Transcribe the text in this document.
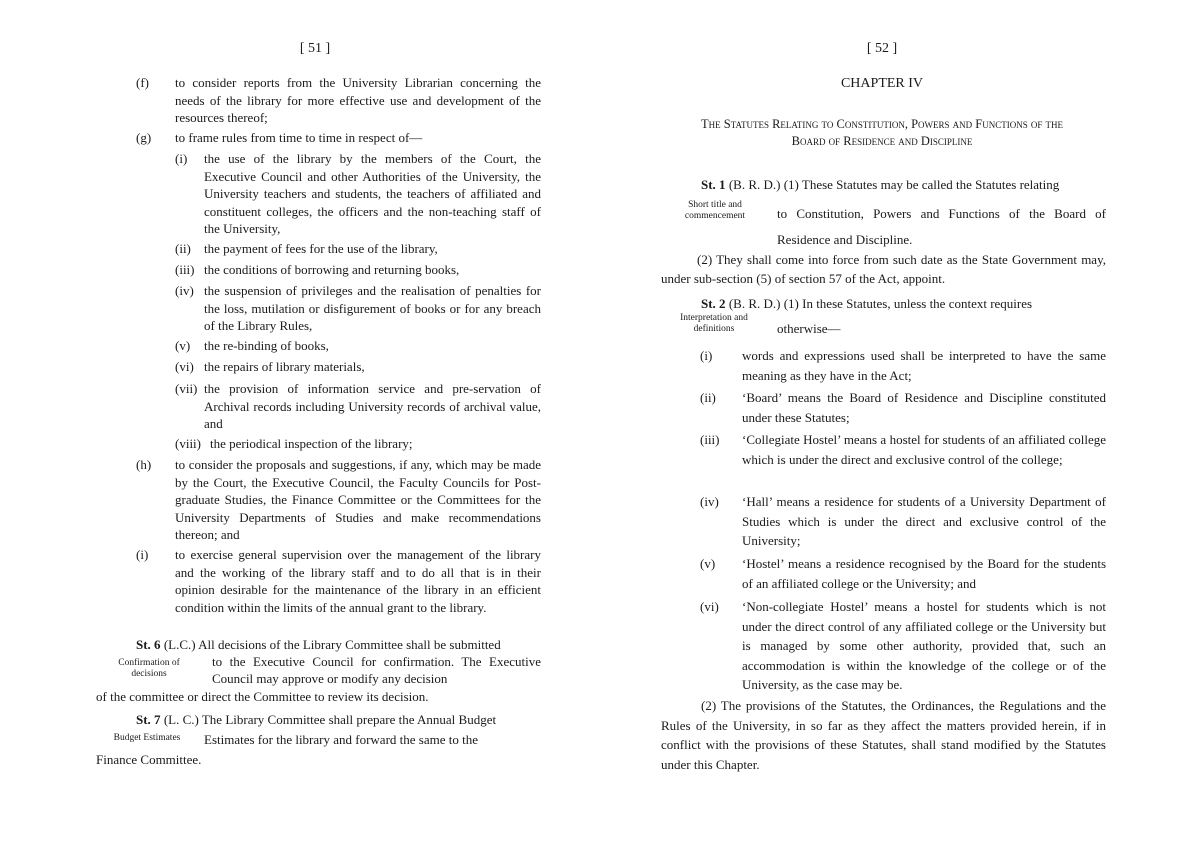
[ 51 ]
(f)	to consider reports from the University Librarian concerning the needs of the library for more effective use and development of the resources thereof;
(g)	to frame rules from time to time in respect of—
(i)	the use of the library by the members of the Court, the Executive Council and other Authorities of the University, the University teachers and students, the teachers of affiliated and constituent colleges, the officers and the non-teaching staff of the University,
(ii)	the payment of fees for the use of the library,
(iii) the conditions of borrowing and returning books,
(iv) the suspension of privileges and the realisation of penalties for the loss, mutilation or disfigurement of books or for any breach of the Library Rules,
(v)	the re-binding of books,
(vi) the repairs of library materials,
(vii) the provision of information service and pre-servation of Archival records including University records of archival value, and
(viii) the periodical inspection of the library;
(h)	to consider the proposals and suggestions, if any, which may be made by the Court, the Executive Council, the Faculty Councils for Post-graduate Studies, the Finance Committee or the Committees for the University Departments of Studies and make recommendations thereon; and
(i)	to exercise general supervision over the management of the library and the working of the library staff and to do all that is in their opinion desirable for the maintenance of the library in an efficient condition within the limits of the annual grant to the library.
St. 6 (L.C.) All decisions of the Library Committee shall be submitted
Confirmation of decisions
to the Executive Council for confirmation. The Executive Council may approve or modify any decision
of the committee or direct the Committee to review its decision.
St. 7 (L. C.) The Library Committee shall prepare the Annual Budget
Budget Estimates	Estimates for the library and forward the same to the
Finance Committee.
[ 52 ]
CHAPTER IV
The Statutes Relating to Constitution, Powers and Functions of the
Board of Residence and Discipline
St. 1 (B. R. D.) (1) These Statutes may be called the Statutes relating
Short title and commencement	to Constitution, Powers and Functions of the Board of Residence and Discipline.
(2) They shall come into force from such date as the State Government may, under sub-section (5) of section 57 of the Act, appoint.
St. 2 (B. R. D.) (1) In these Statutes, unless the context requires
Interpretation and definitions	otherwise—
(i)	words and expressions used shall be interpreted to have the same meaning as they have in the Act;
(ii)	‘Board’ means the Board of Residence and Discipline constituted under these Statutes;
(iii)	‘Collegiate Hostel’ means a hostel for students of an affiliated college which is under the direct and exclusive control of the college;
(iv)	‘Hall’ means a residence for students of a University Department of Studies which is under the direct and exclusive control of the University;
(v)	‘Hostel’ means a residence recognised by the Board for the students of an affiliated college or the University; and
(vi)	‘Non-collegiate Hostel’ means a hostel for students which is not under the direct control of any affiliated college or the University but is managed by some other authority, provided that, such an accommodation is within the knowledge of the college or of the University, as the case may be.
(2) The provisions of the Statutes, the Ordinances, the Regulations and the Rules of the University, in so far as they affect the matters provided herein, if in conflict with the provisions of these Statutes, shall stand modified by the Statutes under this Chapter.
